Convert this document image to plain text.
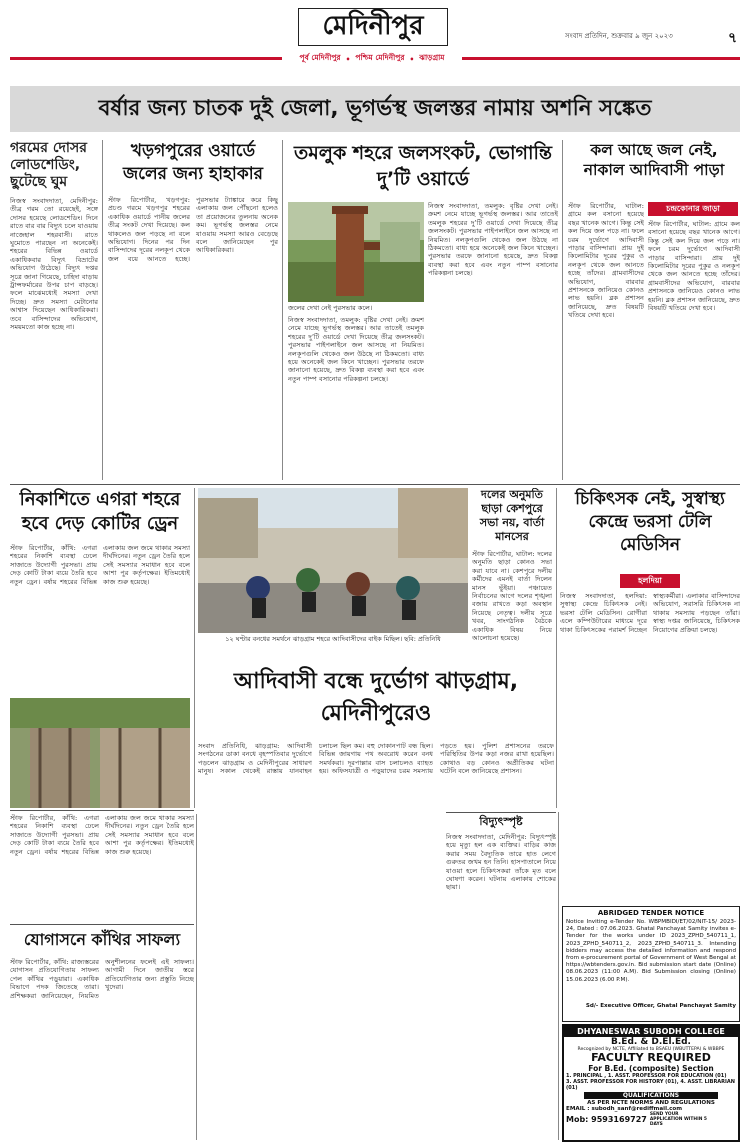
মেদিনীপুর	সংবাদ প্রতিদিন, শুক্রবার ৯ জুন ২০২৩	৭
পূর্ব মেদিনীপুর • পশ্চিম মেদিনীপুর • ঝাড়গ্রাম
বর্ষার জন্য চাতক দুই জেলা, ভূগর্ভস্থ জলস্তর নামায় অশনি সঙ্কেত
গরমের দোসর লোডশেডিং, ছুটেছে ঘুম
নিজস্ব সংবাদদাতা, মেদিনীপুর: তীব্র গরম তো রয়েছেই, সঙ্গে দোসর হয়েছে লোডশেডিং। দিনে রাতে বার বার বিদ্যুৎ চলে যাওয়ায় নাজেহাল শহরবাসী। রাতে ঘুমোতে পারছেন না অনেকেই। শহরের বিভিন্ন ওয়ার্ডে একাধিকবার বিদ্যুৎ বিভ্রাটের অভিযোগ উঠেছে। বিদ্যুৎ দপ্তর সূত্রে জানা গিয়েছে, চাহিদা বাড়ায় ট্রান্সফর্মারের উপর চাপ বাড়ছে। ফলে মাঝেমধ্যেই সমস্যা দেখা দিচ্ছে। দ্রুত সমস্যা মেটানোর আশ্বাস দিয়েছেন আধিকারিকরা। তবে বাসিন্দাদের অভিযোগ, সময়মতো কাজ হচ্ছে না।
খড়গপুরের ওয়ার্ডে জলের জন্য হাহাকার
স্টাফ রিপোর্টার, খড়গপুর: প্রচণ্ড গরমে খড়গপুর শহরের একাধিক ওয়ার্ডে পানীয় জলের তীব্র সংকট দেখা দিয়েছে। কল থাকলেও জল পড়ছে না বলে অভিযোগ। দিনের পর দিন বাসিন্দাদের দূরের নলকূপ থেকে জল বয়ে আনতে হচ্ছে। পুরসভার ট্যাঙ্কারে করে কিছু এলাকায় জল পৌঁছনো হলেও তা প্রয়োজনের তুলনায় অনেক কম। ভূগর্ভস্থ জলস্তর নেমে যাওয়ায় সমস্যা আরও বেড়েছে বলে জানিয়েছেন পুর আধিকারিকরা।
তমলুক শহরে জলসংকট, ভোগান্তি দু’টি ওয়ার্ডে
জলের দেখা নেই পুরসভার কলে।
নিজস্ব সংবাদদাতা, তমলুক: বৃষ্টির দেখা নেই। ক্রমশ নেমে যাচ্ছে ভূগর্ভস্থ জলস্তর। আর তাতেই তমলুক শহরের দু’টি ওয়ার্ডে দেখা দিয়েছে তীব্র জলসংকট। পুরসভার পাইপলাইনে জল আসছে না নিয়মিত। নলকূপগুলি থেকেও জল উঠছে না ঠিকমতো। বাধ্য হয়ে অনেকেই জল কিনে খাচ্ছেন। পুরসভার তরফে জানানো হয়েছে, দ্রুত বিকল্প ব্যবস্থা করা হবে এবং নতুন পাম্প বসানোর পরিকল্পনা চলছে।
নিজস্ব সংবাদদাতা, তমলুক: বৃষ্টির দেখা নেই। ক্রমশ নেমে যাচ্ছে ভূগর্ভস্থ জলস্তর। আর তাতেই তমলুক শহরের দু’টি ওয়ার্ডে দেখা দিয়েছে তীব্র জলসংকট। পুরসভার পাইপলাইনে জল আসছে না নিয়মিত। নলকূপগুলি থেকেও জল উঠছে না ঠিকমতো। বাধ্য হয়ে অনেকেই জল কিনে খাচ্ছেন। পুরসভার তরফে জানানো হয়েছে, দ্রুত বিকল্প ব্যবস্থা করা হবে এবং নতুন পাম্প বসানোর পরিকল্পনা চলছে।
কল আছে জল নেই, নাকাল আদিবাসী পাড়া
চন্দ্রকোনার জাড়া
স্টাফ রিপোর্টার, ঘাটাল: গ্রামে কল বসানো হয়েছে বছর খানেক আগে। কিন্তু সেই কল দিয়ে জল পড়ে না। ফলে চরম দুর্ভোগে আদিবাসী পাড়ার বাসিন্দারা। প্রায় দুই কিলোমিটার দূরের পুকুর ও নলকূপ থেকে জল আনতে হচ্ছে তাঁদের। গ্রামবাসীদের অভিযোগ, বারবার প্রশাসনকে জানিয়েও কোনও লাভ হয়নি। ব্লক প্রশাসন জানিয়েছে, দ্রুত বিষয়টি খতিয়ে দেখা হবে।
স্টাফ রিপোর্টার, ঘাটাল: গ্রামে কল বসানো হয়েছে বছর খানেক আগে। কিন্তু সেই কল দিয়ে জল পড়ে না। ফলে চরম দুর্ভোগে আদিবাসী পাড়ার বাসিন্দারা। প্রায় দুই কিলোমিটার দূরের পুকুর ও নলকূপ থেকে জল আনতে হচ্ছে তাঁদের। গ্রামবাসীদের অভিযোগ, বারবার প্রশাসনকে জানিয়েও কোনও লাভ হয়নি। ব্লক প্রশাসন জানিয়েছে, দ্রুত বিষয়টি খতিয়ে দেখা হবে।
নিকাশিতে এগরা শহরে হবে দেড় কোটির ড্রেন
স্টাফ রিপোর্টার, কাঁথি: এগরা শহরের নিকাশি ব্যবস্থা ঢেলে সাজাতে উদ্যোগী পুরসভা। প্রায় দেড় কোটি টাকা ব্যয়ে তৈরি হবে নতুন ড্রেন। বর্ষায় শহরের বিভিন্ন এলাকায় জল জমে থাকার সমস্যা দীর্ঘদিনের। নতুন ড্রেন তৈরি হলে সেই সমস্যার সমাধান হবে বলে আশা পুর কর্তৃপক্ষের। ইতিমধ্যেই কাজ শুরু হয়েছে।
১২ ঘণ্টার বনধের সমর্থনে ঝাড়গ্রাম শহরে আদিবাসীদের বাইক মিছিল। ছবি: প্রতিনিধি
দলের অনুমতি ছাড়া কেশপুরে সভা নয়, বার্তা মানসের
স্টাফ রিপোর্টার, ঘাটাল: দলের অনুমতি ছাড়া কোনও সভা করা যাবে না। কেশপুরে দলীয় কর্মীদের এমনই বার্তা দিলেন মানস ভুঁইয়া। পঞ্চায়েত নির্বাচনের আগে দলের শৃঙ্খলা বজায় রাখতে কড়া অবস্থান নিয়েছে নেতৃত্ব। দলীয় সূত্রে খবর, সাংগঠনিক বৈঠকে একাধিক বিষয় নিয়ে আলোচনা হয়েছে।
চিকিৎসক নেই, সুস্বাস্থ্য কেন্দ্রে ভরসা টেলি মেডিসিন
হলদিয়া
নিজস্ব সংবাদদাতা, হলদিয়া: সুস্বাস্থ্য কেন্দ্রে চিকিৎসক নেই। ভরসা টেলি মেডিসিন। রোগীরা এলে কম্পিউটারের মাধ্যমে দূরে থাকা চিকিৎসকের পরামর্শ নিচ্ছেন স্বাস্থ্যকর্মীরা। এলাকার বাসিন্দাদের অভিযোগ, সরাসরি চিকিৎসক না থাকায় সমস্যায় পড়ছেন তাঁরা। স্বাস্থ্য দপ্তর জানিয়েছে, চিকিৎসক নিয়োগের প্রক্রিয়া চলছে।
আদিবাসী বন্ধে দুর্ভোগ ঝাড়গ্রাম, মেদিনীপুরেও
সংবাদ প্রতিনিধি, ঝাড়গ্রাম: আদিবাসী সংগঠনের ডাকা বনধে বৃহস্পতিবার দুর্ভোগে পড়লেন ঝাড়গ্রাম ও মেদিনীপুরের সাধারণ মানুষ। সকাল থেকেই রাস্তায় যানবাহন চলাচল ছিল কম। বহু দোকানপাট বন্ধ ছিল। বিভিন্ন জায়গায় পথ অবরোধ করেন বনধ সমর্থকরা। দূরপাল্লার বাস চলাচলও ব্যাহত হয়। অফিসযাত্রী ও পড়ুয়াদের চরম সমস্যায় পড়তে হয়। পুলিশ প্রশাসনের তরফে পরিস্থিতির উপর কড়া নজর রাখা হয়েছিল। কোথাও বড় কোনও অপ্রীতিকর ঘটনা ঘটেনি বলে জানিয়েছে প্রশাসন।
স্টাফ রিপোর্টার, কাঁথি: এগরা শহরের নিকাশি ব্যবস্থা ঢেলে সাজাতে উদ্যোগী পুরসভা। প্রায় দেড় কোটি টাকা ব্যয়ে তৈরি হবে নতুন ড্রেন। বর্ষায় শহরের বিভিন্ন এলাকায় জল জমে থাকার সমস্যা দীর্ঘদিনের। নতুন ড্রেন তৈরি হলে সেই সমস্যার সমাধান হবে বলে আশা পুর কর্তৃপক্ষের। ইতিমধ্যেই কাজ শুরু হয়েছে।
যোগাসনে কাঁথির সাফল্য
স্টাফ রিপোর্টার, কাঁথি: রাজ্যস্তরের যোগাসন প্রতিযোগিতায় সাফল্য পেল কাঁথির পড়ুয়ারা। একাধিক বিভাগে পদক জিতেছে তারা। প্রশিক্ষকরা জানিয়েছেন, নিয়মিত অনুশীলনের ফলেই এই সাফল্য। আগামী দিনে জাতীয় স্তরে প্রতিযোগিতার জন্য প্রস্তুতি নিচ্ছে খুদেরা।
বিদ্যুৎস্পৃষ্ট
নিজস্ব সংবাদদাতা, মেদিনীপুর: বিদ্যুৎস্পৃষ্ট হয়ে মৃত্যু হল এক ব্যক্তির। বাড়ির কাজ করার সময় বৈদ্যুতিক তারে হাত লেগে গুরুতর জখম হন তিনি। হাসপাতালে নিয়ে যাওয়া হলে চিকিৎসকরা তাঁকে মৃত বলে ঘোষণা করেন। ঘটনায় এলাকায় শোকের ছায়া।
ABRIDGED TENDER NOTICE
Notice Inviting e-Tender No. WBPMBIDI/ET/02/NIT-15/ 2023-24, Dated : 07.06.2023. Ghatal Panchayat Samity invites e-Tender for the works under ID 2023_ZPHD_540711_1, 2023_ZPHD_540711_2, 2023_ZPHD_540711_3. Intending bidders may access the detailed information and respond from e-procurement portal of Government of West Bengal at https://wbtenders.gov.in. Bid submission start date (Online) 08.06.2023 (11:00 A.M). Bid Submission closing (Online) 15.06.2023 (6.00 P.M).
Sd/- Executive Officer, Ghatal Panchayat Samity
DHYANESWAR SUBODH COLLEGE
B.Ed. & D.El.Ed.
Recognized by NCTE, Affiliated to BSAEU (WBUTTEPA) & WBBPE
FACULTY REQUIRED
For B.Ed. (composite) Section
1. PRINCIPAL , 1. ASST. PROFESSOR FOR EDUCATION (01)
3. ASST. PROFESSOR FOR HISTORY (01), 4. ASST. LIBRARIAN (01)
QUALIFICATIONS
AS PER NCTE NORMS AND REGULATIONS
EMAIL : subodh_sanf@rediffmail.com
Mob: 9593169727
SEND YOUR APPLICATION WITHIN 5 DAYS
